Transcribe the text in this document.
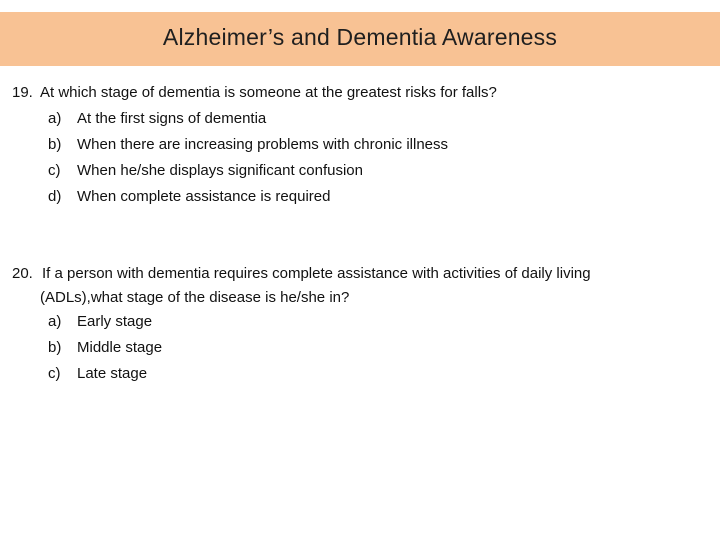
Alzheimer’s and Dementia Awareness
19. At which stage of dementia is someone at the greatest risks for falls?
a) At the first signs of dementia
b) When there are increasing problems with chronic illness
c) When he/she displays significant confusion
d) When complete assistance is required
20. If a person with dementia requires complete assistance with activities of daily living
(ADLs),what stage of the disease is he/she in?
a) Early stage
b) Middle stage
c) Late stage
